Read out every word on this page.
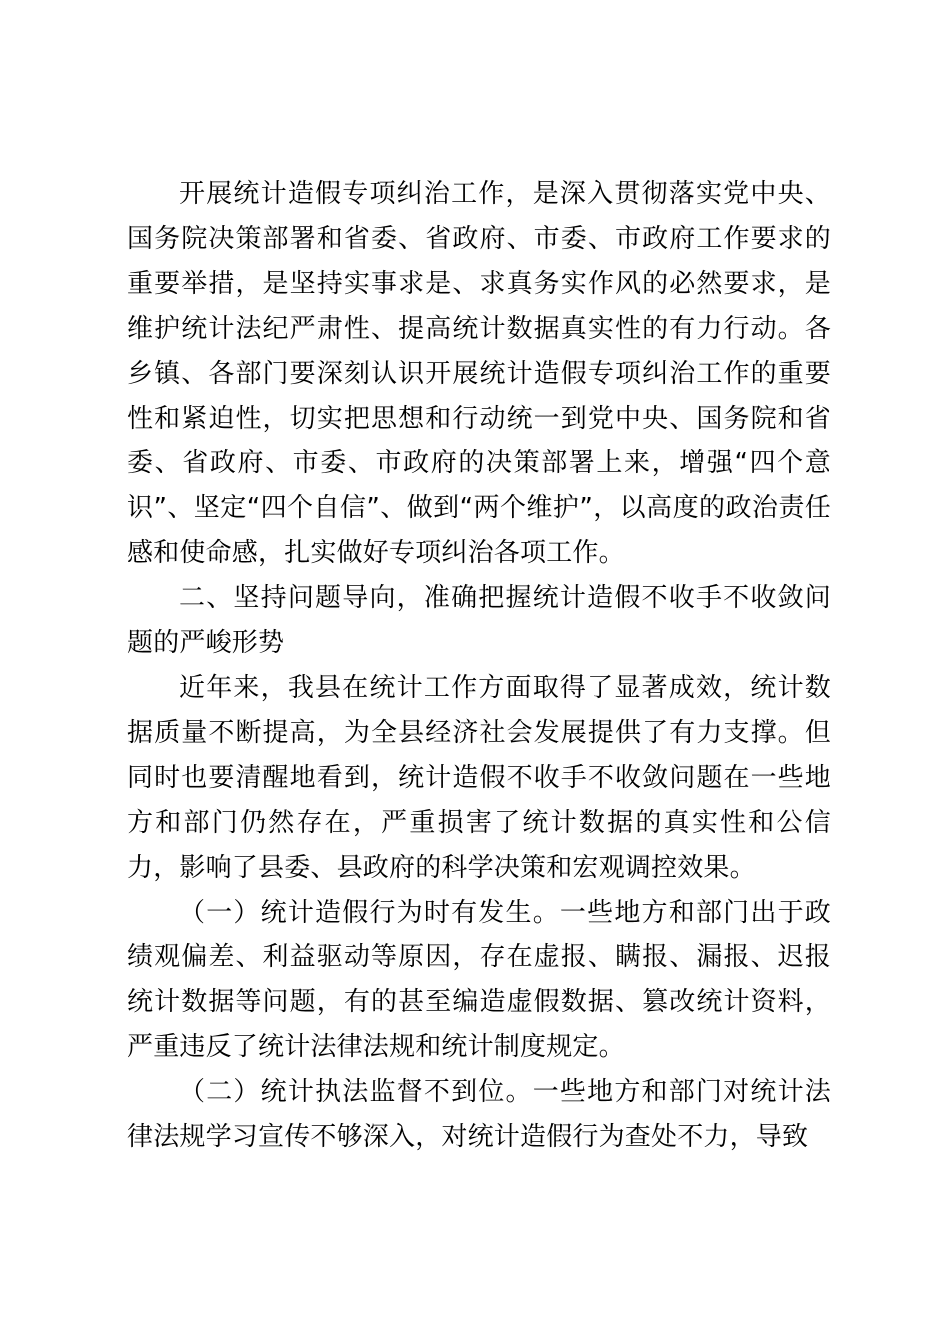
开展统计造假专项纠治工作，是深入贯彻落实党中央、国务院决策部署和省委、省政府、市委、市政府工作要求的重要举措，是坚持实事求是、求真务实作风的必然要求，是维护统计法纪严肃性、提高统计数据真实性的有力行动。各乡镇、各部门要深刻认识开展统计造假专项纠治工作的重要性和紧迫性，切实把思想和行动统一到党中央、国务院和省委、省政府、市委、市政府的决策部署上来，增强“四个意识”、坚定“四个自信”、做到“两个维护”，以高度的政治责任感和使命感，扎实做好专项纠治各项工作。

二、坚持问题导向，准确把握统计造假不收手不收敛问题的严峻形势

近年来，我县在统计工作方面取得了显著成效，统计数据质量不断提高，为全县经济社会发展提供了有力支撑。但同时也要清醒地看到，统计造假不收手不收敛问题在一些地方和部门仍然存在，严重损害了统计数据的真实性和公信力，影响了县委、县政府的科学决策和宏观调控效果。

（一）统计造假行为时有发生。一些地方和部门出于政绩观偏差、利益驱动等原因，存在虚报、瞒报、漏报、迟报统计数据等问题，有的甚至编造虚假数据、篡改统计资料，严重违反了统计法律法规和统计制度规定。

（二）统计执法监督不到位。一些地方和部门对统计法律法规学习宣传不够深入，对统计造假行为查处不力，导致
